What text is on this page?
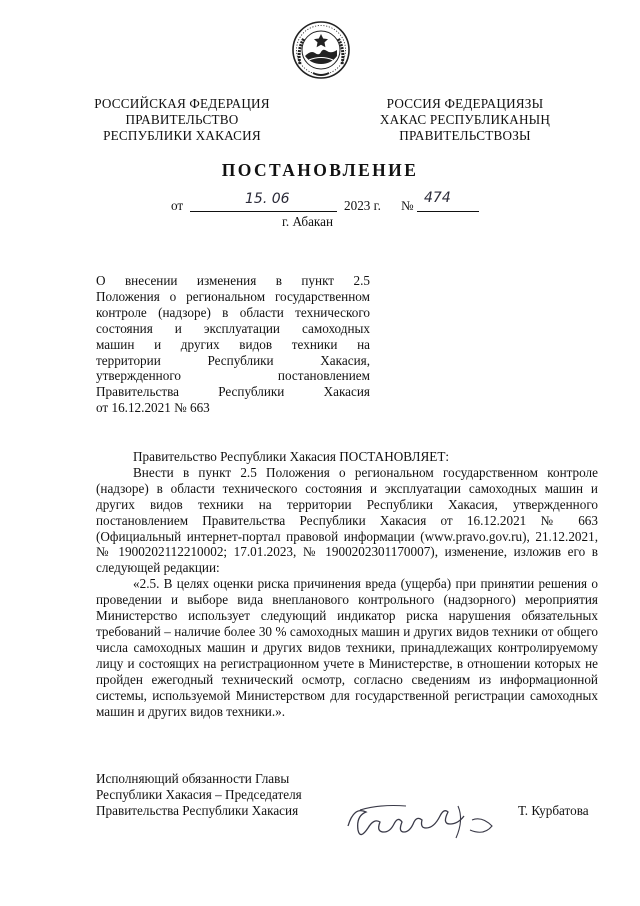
РОССИЙСКАЯ ФЕДЕРАЦИЯ
ПРАВИТЕЛЬСТВО
РЕСПУБЛИКИ ХАКАСИЯ
РОССИЯ ФЕДЕРАЦИЯЗЫ
ХАКАС РЕСПУБЛИКАНЫҢ
ПРАВИТЕЛЬСТВОЗЫ
ПОСТАНОВЛЕНИЕ
от	15. 06	2023 г. № 474
г. Абакан
О внесении изменения в пункт 2.5
Положения о региональном государственном
контроле (надзоре) в области технического
состояния и эксплуатации самоходных
машин и других видов техники на
территории Республики Хакасия,
утвержденного постановлением
Правительства Республики Хакасия
от 16.12.2021 № 663

Правительство Республики Хакасия ПОСТАНОВЛЯЕТ:

Внести в пункт 2.5 Положения о региональном государственном контроле (надзоре) в области технического состояния и эксплуатации самоходных машин и других видов техники на территории Республики Хакасия, утвержденного постановлением Правительства Республики Хакасия от 16.12.2021 № 663 (Официальный интернет-портал правовой информации (www.pravo.gov.ru), 21.12.2021, № 1900202112210002; 17.01.2023, № 1900202301170007), изменение, изложив его в следующей редакции:

«2.5. В целях оценки риска причинения вреда (ущерба) при принятии решения о проведении и выборе вида внепланового контрольного (надзорного) мероприятия Министерство использует следующий индикатор риска нарушения обязательных требований – наличие более 30 % самоходных машин и других видов техники от общего числа самоходных машин и других видов техники, принадлежащих контролируемому лицу и состоящих на регистрационном учете в Министерстве, в отношении которых не пройден ежегодный технический осмотр, согласно сведениям из информационной системы, используемой Министерством для государственной регистрации самоходных машин и других видов техники.».

Исполняющий обязанности Главы
Республики Хакасия – Председателя
Правительства Республики Хакасия	Т. Курбатова
